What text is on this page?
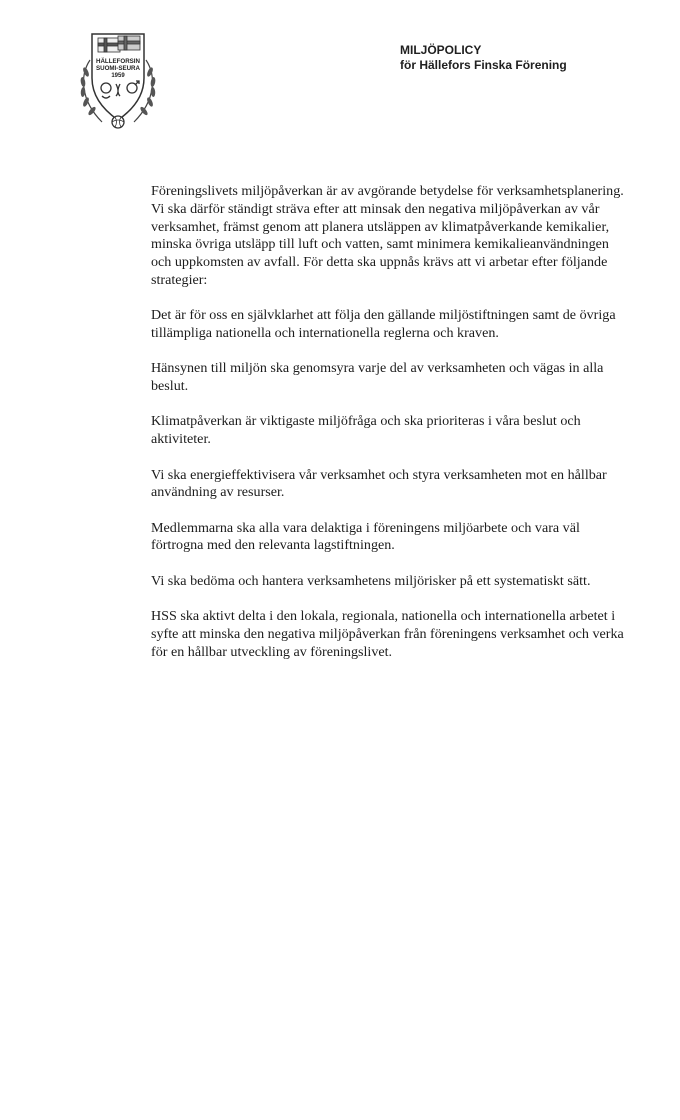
HÄLLEFORSIN
SUOMI-SEURA
1959
MILJÖPOLICY
för Hällefors Finska Förening

Föreningslivets miljöpåverkan är av avgörande betydelse för verksamhetsplanering. Vi ska därför ständigt sträva efter att minsak den negativa miljöpåverkan av vår verksamhet, främst genom att planera utsläppen av klimatpåverkande kemikalier, minska övriga utsläpp till luft och vatten, samt minimera kemikalieanvändningen och uppkomsten av avfall. För detta ska uppnås krävs att vi arbetar efter följande strategier:

Det är för oss en självklarhet att följa den gällande miljöstiftningen samt de övriga tillämpliga nationella och internationella reglerna och kraven.

Hänsynen till miljön ska genomsyra varje del av verksamheten och vägas in alla beslut.

Klimatpåverkan är viktigaste miljöfråga och ska prioriteras i våra beslut och aktiviteter.

Vi ska energieffektivisera vår verksamhet och styra verksamheten mot en hållbar användning av resurser.

Medlemmarna ska alla vara delaktiga i föreningens miljöarbete och vara väl förtrogna med den relevanta lagstiftningen.

Vi ska bedöma och hantera verksamhetens miljörisker på ett systematiskt sätt.

HSS ska aktivt delta i den lokala, regionala, nationella och internationella arbetet i syfte att minska den negativa miljöpåverkan från föreningens verksamhet och verka för en hållbar utveckling av föreningslivet.
